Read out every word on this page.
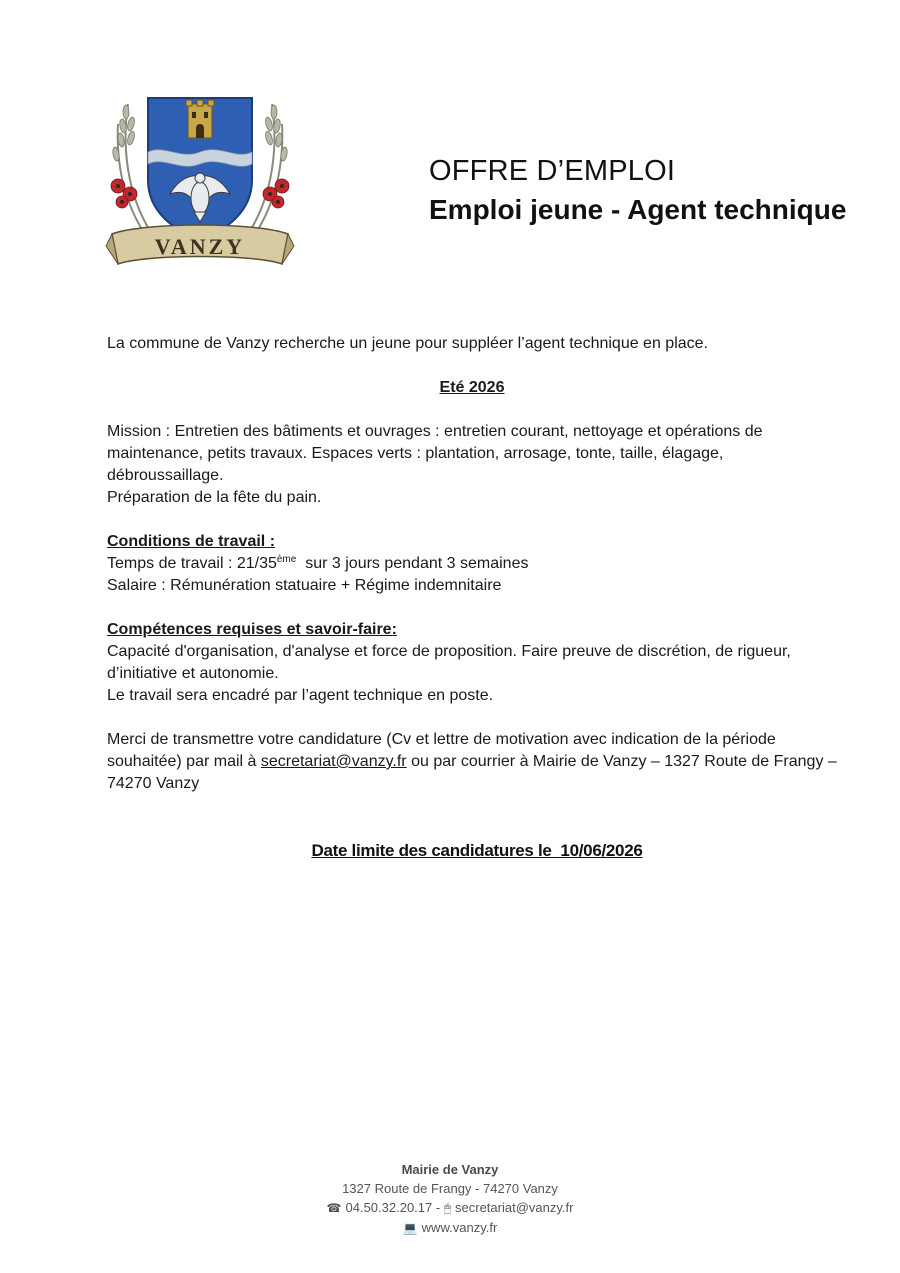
VANZY
OFFRE D’EMPLOI
Emploi jeune - Agent technique

La commune de Vanzy recherche un jeune pour suppléer l’agent technique en place.

Eté 2026

Mission : Entretien des bâtiments et ouvrages : entretien courant, nettoyage et opérations de maintenance, petits travaux. Espaces verts : plantation, arrosage, tonte, taille, élagage, débroussaillage.

Préparation de la fête du pain.

Conditions de travail :

Temps de travail : 21/35ème  sur 3 jours pendant 3 semaines

Salaire : Rémunération statuaire + Régime indemnitaire

Compétences requises et savoir-faire:

Capacité d'organisation, d'analyse et force de proposition. Faire preuve de discrétion, de rigueur, d’initiative et autonomie.

Le travail sera encadré par l’agent technique en poste.

Merci de transmettre votre candidature (Cv et lettre de motivation avec indication de la période souhaitée) par mail à secretariat@vanzy.fr ou par courrier à Mairie de Vanzy – 1327 Route de Frangy – 74270 Vanzy

Date limite des candidatures le  10/06/2026
Mairie de Vanzy
1327 Route de Frangy - 74270 Vanzy
☎ 04.50.32.20.17 - 🖱 secretariat@vanzy.fr
💻 www.vanzy.fr
